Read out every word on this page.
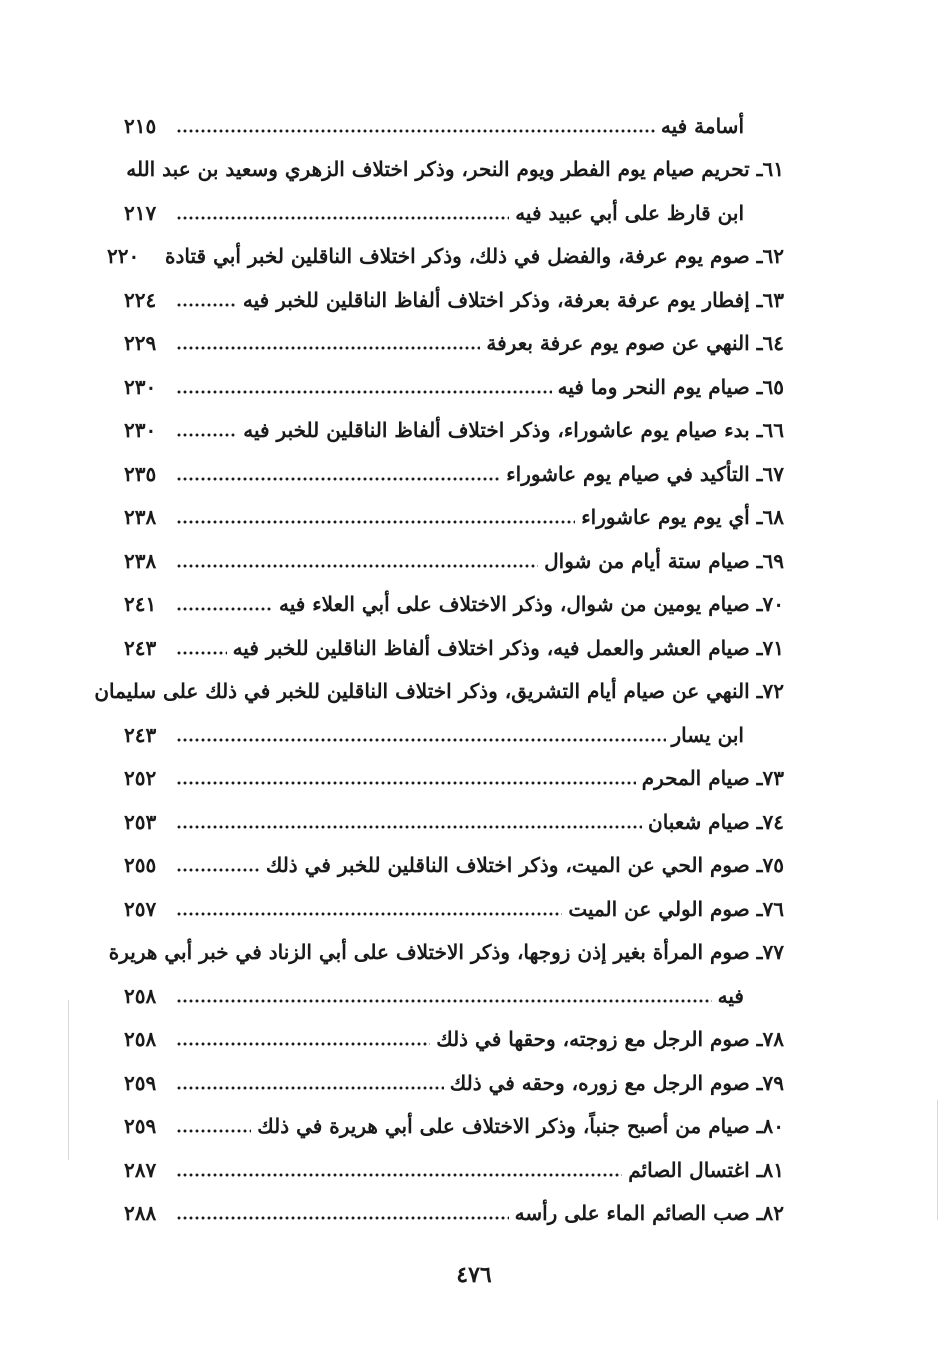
أسامة فيه
٢١٥
٦١ـ تحريم صيام يوم الفطر ويوم النحر، وذكر اختلاف الزهري وسعيد بن عبد الله
ابن قارظ على أبي عبيد فيه
٢١٧
٦٢ـ صوم يوم عرفة، والفضل في ذلك، وذكر اختلاف الناقلين لخبر أبي قتادة
٢٢٠
٦٣ـ إفطار يوم عرفة بعرفة، وذكر اختلاف ألفاظ الناقلين للخبر فيه
٢٢٤
٦٤ـ النهي عن صوم يوم عرفة بعرفة
٢٢٩
٦٥ـ صيام يوم النحر وما فيه
٢٣٠
٦٦ـ بدء صيام يوم عاشوراء، وذكر اختلاف ألفاظ الناقلين للخبر فيه
٢٣٠
٦٧ـ التأكيد في صيام يوم عاشوراء
٢٣٥
٦٨ـ أي يوم يوم عاشوراء
٢٣٨
٦٩ـ صيام ستة أيام من شوال
٢٣٨
٧٠ـ صيام يومين من شوال، وذكر الاختلاف على أبي العلاء فيه
٢٤١
٧١ـ صيام العشر والعمل فيه، وذكر اختلاف ألفاظ الناقلين للخبر فيه
٢٤٣
٧٢ـ النهي عن صيام أيام التشريق، وذكر اختلاف الناقلين للخبر في ذلك على سليمان
ابن يسار
٢٤٣
٧٣ـ صيام المحرم
٢٥٢
٧٤ـ صيام شعبان
٢٥٣
٧٥ـ صوم الحي عن الميت، وذكر اختلاف الناقلين للخبر في ذلك
٢٥٥
٧٦ـ صوم الولي عن الميت
٢٥٧
٧٧ـ صوم المرأة بغير إذن زوجها، وذكر الاختلاف على أبي الزناد في خبر أبي هريرة
فيه
٢٥٨
٧٨ـ صوم الرجل مع زوجته، وحقها في ذلك
٢٥٨
٧٩ـ صوم الرجل مع زوره، وحقه في ذلك
٢٥٩
٨٠ـ صيام من أصبح جنباً، وذكر الاختلاف على أبي هريرة في ذلك
٢٥٩
٨١ـ اغتسال الصائم
٢٨٧
٨٢ـ صب الصائم الماء على رأسه
٢٨٨
٤٧٦
